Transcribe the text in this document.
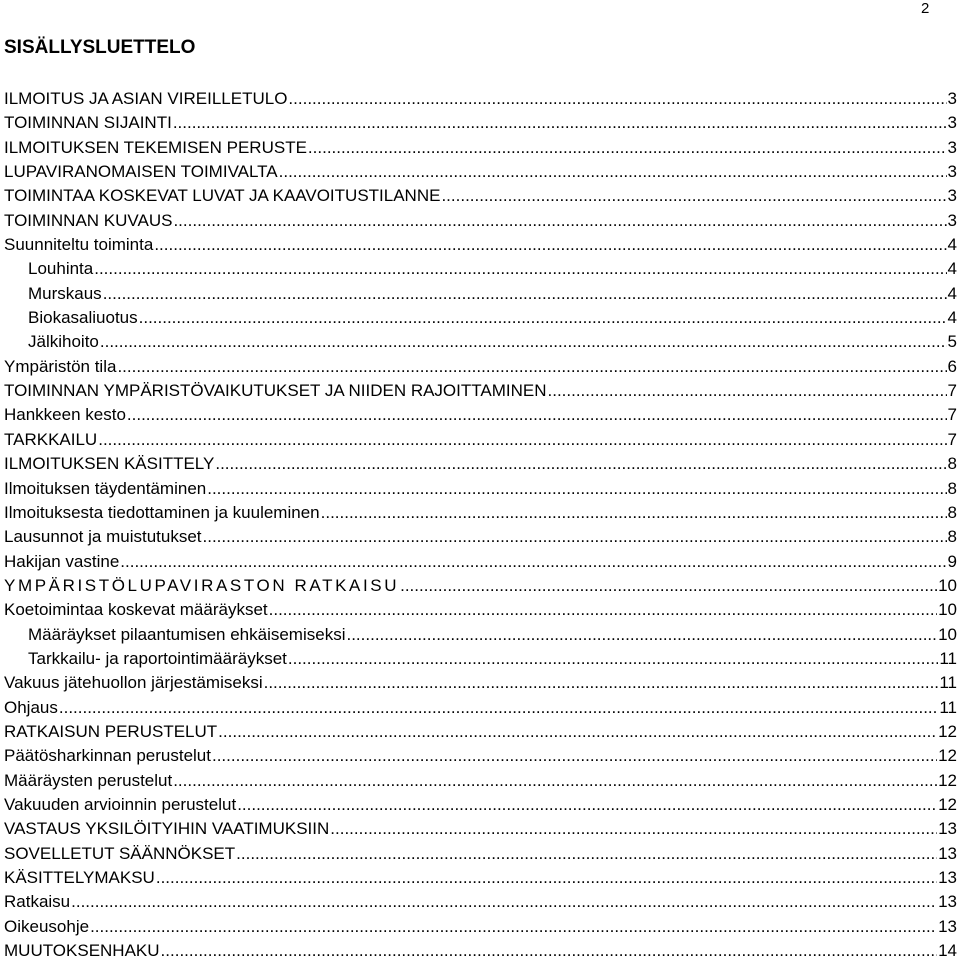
2
SISÄLLYSLUETTELO
ILMOITUS JA ASIAN VIREILLETULO .....	3
TOIMINNAN SIJAINTI .....	3
ILMOITUKSEN TEKEMISEN PERUSTE .....	3
LUPAVIRANOMAISEN TOIMIVALTA .....	3
TOIMINTAA KOSKEVAT LUVAT JA KAAVOITUSTILANNE .....	3
TOIMINNAN KUVAUS .....	3
Suunniteltu toiminta .....	4
Louhinta .....	4
Murskaus .....	4
Biokasaliuotus .....	4
Jälkihoito .....	5
Ympäristön tila .....	6
TOIMINNAN YMPÄRISTÖVAIKUTUKSET JA NIIDEN RAJOITTAMINEN .....	7
Hankkeen kesto .....	7
TARKKAILU .....	7
ILMOITUKSEN KÄSITTELY .....	8
Ilmoituksen täydentäminen .....	8
Ilmoituksesta tiedottaminen ja kuuleminen .....	8
Lausunnot ja muistutukset .....	8
Hakijan vastine .....	9
YMPÄRISTÖLUPAVIRASTON RATKAISU .....	10
Koetoimintaa koskevat määräykset .....	10
Määräykset pilaantumisen ehkäisemiseksi .....	10
Tarkkailu- ja raportointimääräykset .....	11
Vakuus jätehuollon järjestämiseksi .....	11
Ohjaus .....	11
RATKAISUN PERUSTELUT .....	12
Päätösharkinnan perustelut .....	12
Määräysten perustelut .....	12
Vakuuden arvioinnin perustelut .....	12
VASTAUS YKSILÖITYIHIN VAATIMUKSIIN .....	13
SOVELLETUT SÄÄNNÖKSET .....	13
KÄSITTELYMAKSU .....	13
Ratkaisu .....	13
Oikeusohje .....	13
MUUTOKSENHAKU .....	14
